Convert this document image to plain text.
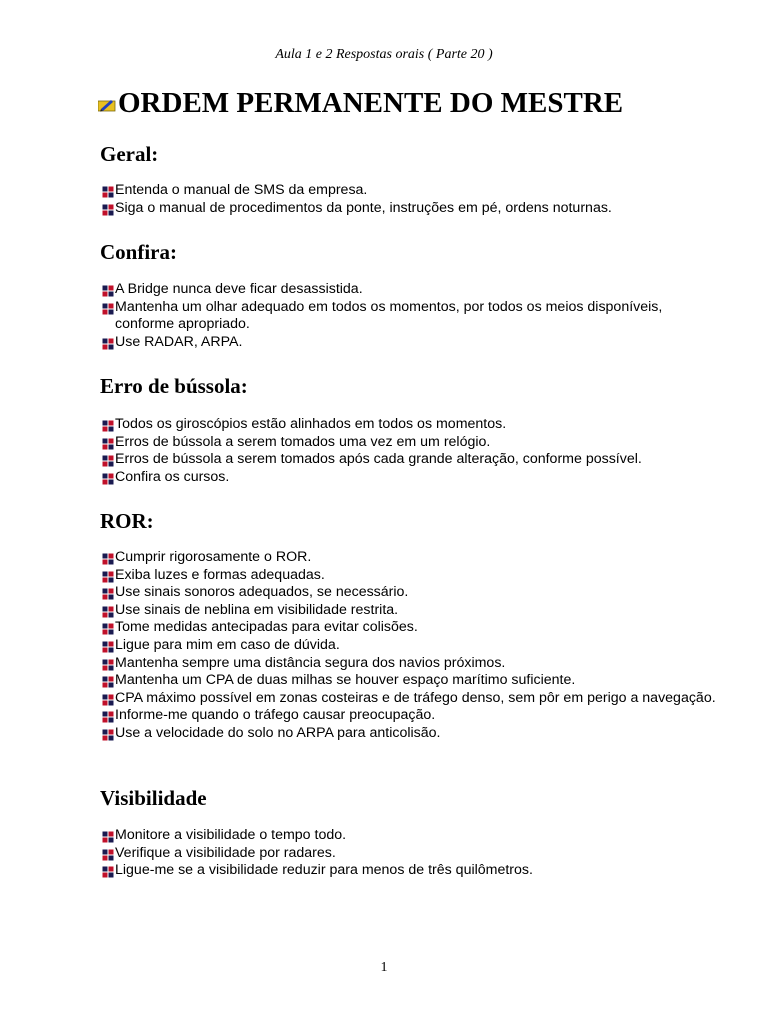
Aula 1 e 2 Respostas orais ( Parte 20 )
ORDEM PERMANENTE DO MESTRE
Geral:
Entenda o manual de SMS da empresa.
Siga o manual de procedimentos da ponte, instruções em pé, ordens noturnas.
Confira:
A Bridge nunca deve ficar desassistida.
Mantenha um olhar adequado em todos os momentos, por todos os meios disponíveis, conforme apropriado.
Use RADAR, ARPA.
Erro de bússola:
Todos os giroscópios estão alinhados em todos os momentos.
Erros de bússola a serem tomados uma vez em um relógio.
Erros de bússola a serem tomados após cada grande alteração, conforme possível.
Confira os cursos.
ROR:
Cumprir rigorosamente o ROR.
Exiba luzes e formas adequadas.
Use sinais sonoros adequados, se necessário.
Use sinais de neblina em visibilidade restrita.
Tome medidas antecipadas para evitar colisões.
Ligue para mim em caso de dúvida.
Mantenha sempre uma distância segura dos navios próximos.
Mantenha um CPA de duas milhas se houver espaço marítimo suficiente.
CPA máximo possível em zonas costeiras e de tráfego denso, sem pôr em perigo a navegação.
Informe-me quando o tráfego causar preocupação.
Use a velocidade do solo no ARPA para anticolisão.
Visibilidade
Monitore a visibilidade o tempo todo.
Verifique a visibilidade por radares.
Ligue-me se a visibilidade reduzir para menos de três quilômetros.
1
